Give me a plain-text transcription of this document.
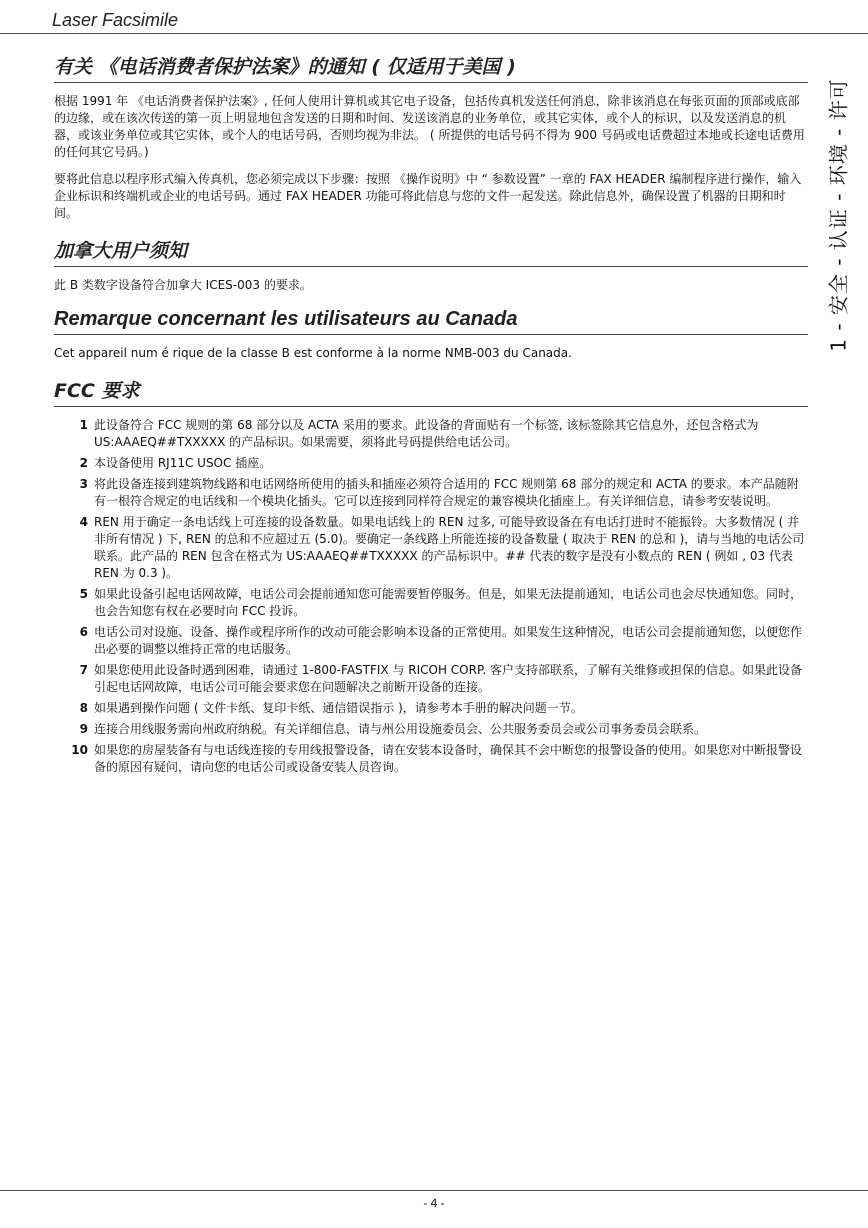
Laser Facsimile
1 - 安全 - 认证 - 环境 - 许可
有关 《电话消费者保护法案》的通知 ( 仅适用于美国 )

根据 1991 年 《电话消费者保护法案》, 任何人使用计算机或其它电子设备，包括传真机发送任何消息，除非该消息在每张页面的顶部或底部的边缘，或在该次传送的第一页上明显地包含发送的日期和时间、发送该消息的业务单位，或其它实体，或个人的标识，以及发送消息的机器，或该业务单位或其它实体，或个人的电话号码，否则均视为非法。 ( 所提供的电话号码不得为 900 号码或电话费超过本地或长途电话费用的任何其它号码。)

要将此信息以程序形式编入传真机，您必须完成以下步骤：按照 《操作说明》中 “ 参数设置” 一章的 FAX HEADER 编制程序进行操作，输入企业标识和终端机或企业的电话号码。通过 FAX HEADER 功能可将此信息与您的文件一起发送。除此信息外，确保设置了机器的日期和时间。

加拿大用户须知

此 B 类数字设备符合加拿大 ICES-003 的要求。

Remarque concernant les utilisateurs au Canada

Cet appareil num é rique de la classe B est conforme à la norme NMB-003 du Canada.

FCC 要求
1 此设备符合 FCC 规则的第 68 部分以及 ACTA 采用的要求。此设备的背面贴有一个标签, 该标签除其它信息外，还包含格式为 US:AAAEQ##TXXXXX 的产品标识。如果需要，须将此号码提供给电话公司。
2 本设备使用 RJ11C USOC 插座。
3 将此设备连接到建筑物线路和电话网络所使用的插头和插座必须符合适用的 FCC 规则第 68 部分的规定和 ACTA 的要求。本产品随附有一根符合规定的电话线和一个模块化插头。它可以连接到同样符合规定的兼容模块化插座上。有关详细信息，请参考安装说明。
4 REN 用于确定一条电话线上可连接的设备数量。如果电话线上的 REN 过多, 可能导致设备在有电话打进时不能振铃。大多数情况 ( 并非所有情况 ) 下, REN 的总和不应超过五 (5.0)。要确定一条线路上所能连接的设备数量 ( 取决于 REN 的总和 )，请与当地的电话公司联系。此产品的 REN 包含在格式为 US:AAAEQ##TXXXXX 的产品标识中。## 代表的数字是没有小数点的 REN ( 例如 , 03 代表 REN 为 0.3 )。
5 如果此设备引起电话网故障，电话公司会提前通知您可能需要暂停服务。但是，如果无法提前通知，电话公司也会尽快通知您。同时，也会告知您有权在必要时向 FCC 投诉。
6 电话公司对设施、设备、操作或程序所作的改动可能会影响本设备的正常使用。如果发生这种情况，电话公司会提前通知您，以便您作出必要的调整以维持正常的电话服务。
7 如果您使用此设备时遇到困难，请通过 1-800-FASTFIX 与 RICOH CORP. 客户支持部联系，了解有关维修或担保的信息。如果此设备引起电话网故障，电话公司可能会要求您在问题解决之前断开设备的连接。
8 如果遇到操作问题 ( 文件卡纸、复印卡纸、通信错误指示 )，请参考本手册的解决问题一节。
9 连接合用线服务需向州政府纳税。有关详细信息，请与州公用设施委员会、公共服务委员会或公司事务委员会联系。
10 如果您的房屋装备有与电话线连接的专用线报警设备，请在安装本设备时，确保其不会中断您的报警设备的使用。如果您对中断报警设备的原因有疑问，请向您的电话公司或设备安装人员咨询。
- 4 -
